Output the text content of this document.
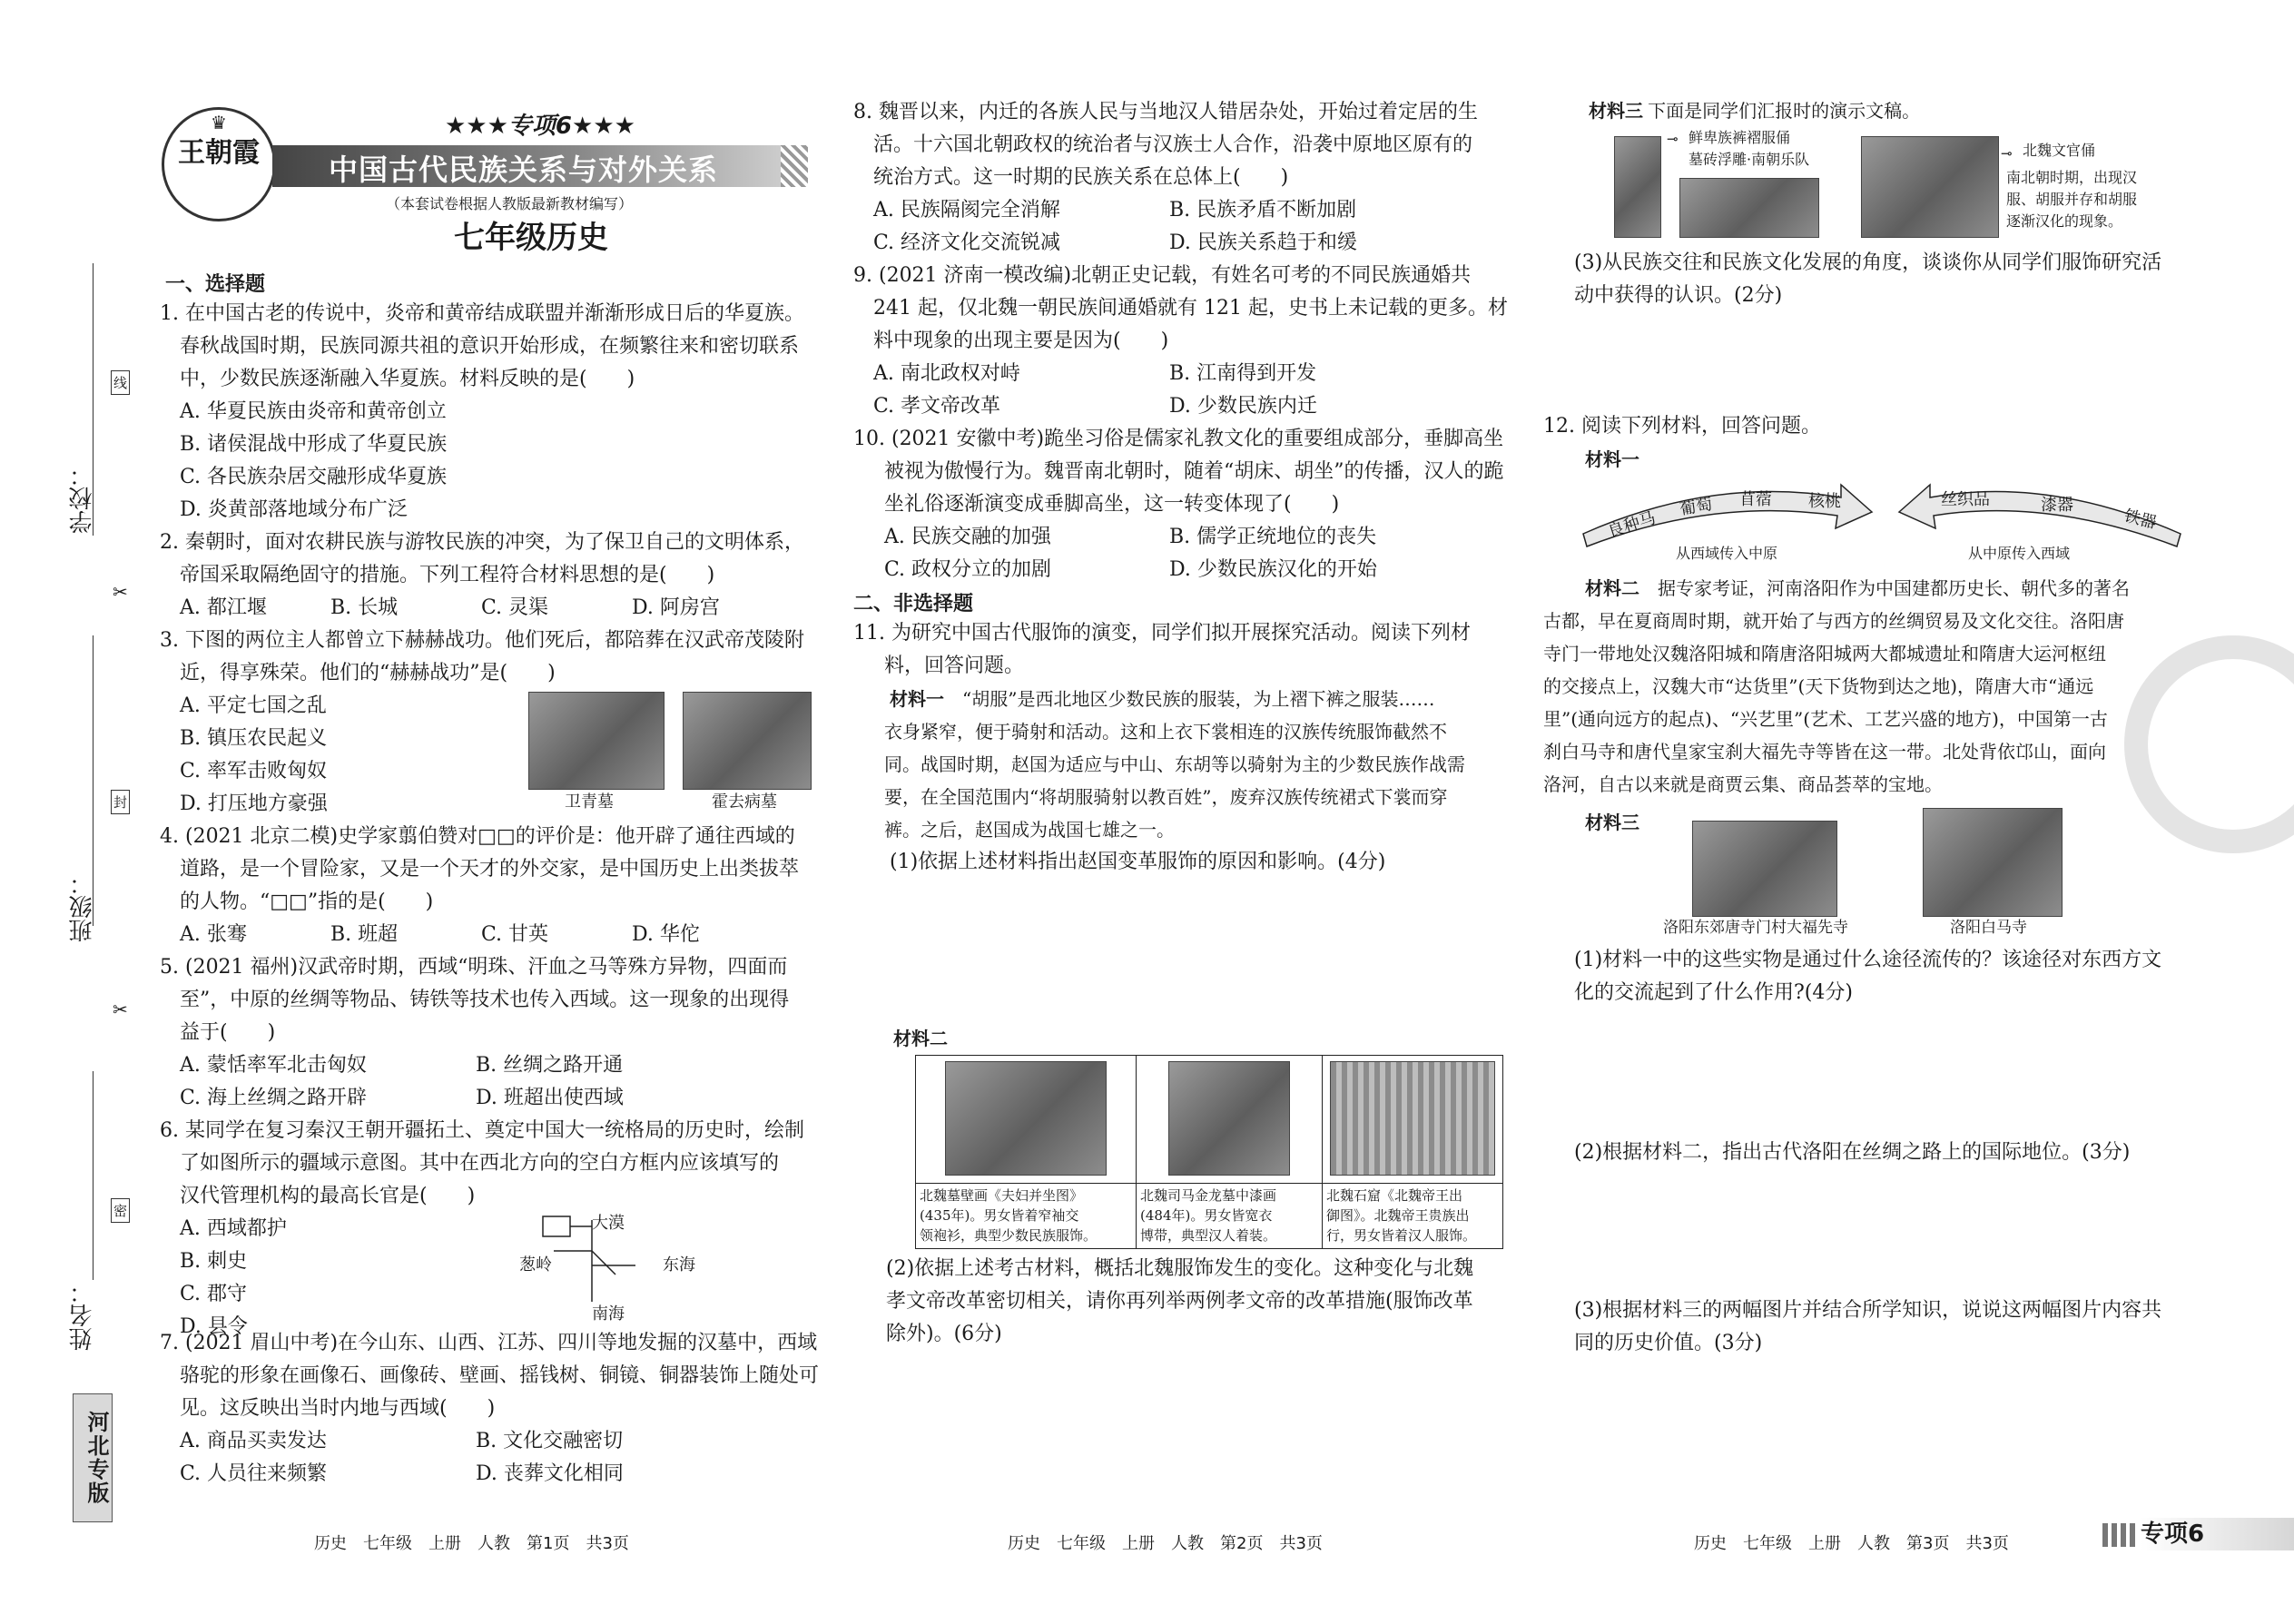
学校：
班级：
姓名：
线
封
密
✂
✂
河北专版
♛
王朝霞
★★★专项6★★★
中国古代民族关系与对外关系
（本套试卷根据人教版最新教材编写）
七年级历史
一、选择题
1. 在中国古老的传说中，炎帝和黄帝结成联盟并渐渐形成日后的华夏族。
春秋战国时期，民族同源共祖的意识开始形成，在频繁往来和密切联系
中，少数民族逐渐融入华夏族。材料反映的是(　　)
A. 华夏民族由炎帝和黄帝创立
B. 诸侯混战中形成了华夏民族
C. 各民族杂居交融形成华夏族
D. 炎黄部落地域分布广泛
2. 秦朝时，面对农耕民族与游牧民族的冲突，为了保卫自己的文明体系，
帝国采取隔绝固守的措施。下列工程符合材料思想的是(　　)
A. 都江堰	B. 长城	C. 灵渠	D. 阿房宫
3. 下图的两位主人都曾立下赫赫战功。他们死后，都陪葬在汉武帝茂陵附
近，得享殊荣。他们的“赫赫战功”是(　　)
A. 平定七国之乱
B. 镇压农民起义
C. 率军击败匈奴
D. 打压地方豪强	卫青墓	霍去病墓
4. (2021 北京二模)史学家翦伯赞对□□的评价是：他开辟了通往西域的
道路，是一个冒险家，又是一个天才的外交家，是中国历史上出类拔萃
的人物。“□□”指的是(　　)
A. 张骞	B. 班超	C. 甘英	D. 华佗
5. (2021 福州)汉武帝时期，西域“明珠、汗血之马等殊方异物，四面而
至”，中原的丝绸等物品、铸铁等技术也传入西域。这一现象的出现得
益于(　　)
A. 蒙恬率军北击匈奴	B. 丝绸之路开通
C. 海上丝绸之路开辟	D. 班超出使西域
6. 某同学在复习秦汉王朝开疆拓土、奠定中国大一统格局的历史时，绘制
了如图所示的疆域示意图。其中在西北方向的空白方框内应该填写的
汉代管理机构的最高长官是(　　)
A. 西域都护
B. 刺史
C. 郡守
D. 县令
大漠
葱岭	东海
南海
7. (2021 眉山中考)在今山东、山西、江苏、四川等地发掘的汉墓中，西域
骆驼的形象在画像石、画像砖、壁画、摇钱树、铜镜、铜器装饰上随处可
见。这反映出当时内地与西域(　　)
A. 商品买卖发达	B. 文化交融密切
C. 人员往来频繁	D. 丧葬文化相同
历史　七年级　上册　人教　第1页　共3页
8. 魏晋以来，内迁的各族人民与当地汉人错居杂处，开始过着定居的生
活。十六国北朝政权的统治者与汉族士人合作，沿袭中原地区原有的
统治方式。这一时期的民族关系在总体上(　　)
A. 民族隔阂完全消解	B. 民族矛盾不断加剧
C. 经济文化交流锐减	D. 民族关系趋于和缓
9. (2021 济南一模改编)北朝正史记载，有姓名可考的不同民族通婚共
241 起，仅北魏一朝民族间通婚就有 121 起，史书上未记载的更多。材
料中现象的出现主要是因为(　　)
A. 南北政权对峙	B. 江南得到开发
C. 孝文帝改革	D. 少数民族内迁
10. (2021 安徽中考)跪坐习俗是儒家礼教文化的重要组成部分，垂脚高坐
被视为傲慢行为。魏晋南北朝时，随着“胡床、胡坐”的传播，汉人的跪
坐礼俗逐渐演变成垂脚高坐，这一转变体现了(　　)
A. 民族交融的加强	B. 儒学正统地位的丧失
C. 政权分立的加剧	D. 少数民族汉化的开始
二、非选择题
11. 为研究中国古代服饰的演变，同学们拟开展探究活动。阅读下列材
料，回答问题。
材料一　 “胡服”是西北地区少数民族的服装，为上褶下裤之服装……
衣身紧窄，便于骑射和活动。这和上衣下裳相连的汉族传统服饰截然不
同。战国时期，赵国为适应与中山、东胡等以骑射为主的少数民族作战需
要，在全国范围内“将胡服骑射以教百姓”，废弃汉族传统裙式下裳而穿
裤。之后，赵国成为战国七雄之一。
(1)依据上述材料指出赵国变革服饰的原因和影响。(4分)
材料二
北魏墓壁画《夫妇并坐图》
(435年)。男女皆着窄袖交
领袍衫，典型少数民族服饰。
北魏司马金龙墓中漆画
(484年)。男女皆宽衣
博带，典型汉人着装。
北魏石窟《北魏帝王出
御图》。北魏帝王贵族出
行，男女皆着汉人服饰。
(2)依据上述考古材料，概括北魏服饰发生的变化。这种变化与北魏
孝文帝改革密切相关，请你再列举两例孝文帝的改革措施(服饰改革
除外)。(6分)
历史　七年级　上册　人教　第2页　共3页
材料三 下面是同学们汇报时的演示文稿。
⊸ 鲜卑族裤褶服俑
墓砖浮雕·南朝乐队	⊸ 北魏文官俑
南北朝时期，出现汉
服、胡服并存和胡服
逐渐汉化的现象。
(3)从民族交往和民族文化发展的角度，谈谈你从同学们服饰研究活
动中获得的认识。(2分)
12. 阅读下列材料，回答问题。
材料一
良种马
葡萄 苜蓿 核桃
从西域传入中原
丝织品	漆器
铁器
从中原传入西域
材料二　 据专家考证，河南洛阳作为中国建都历史长、朝代多的著名
古都，早在夏商周时期，就开始了与西方的丝绸贸易及文化交往。洛阳唐
寺门一带地处汉魏洛阳城和隋唐洛阳城两大都城遗址和隋唐大运河枢纽
的交接点上，汉魏大市“达货里”(天下货物到达之地)，隋唐大市“通远
里”(通向远方的起点)、“兴艺里”(艺术、工艺兴盛的地方)，中国第一古
刹白马寺和唐代皇家宝刹大福先寺等皆在这一带。北处背依邙山，面向
洛河，自古以来就是商贾云集、商品荟萃的宝地。
材料三
洛阳东郊唐寺门村大福先寺	洛阳白马寺
(1)材料一中的这些实物是通过什么途径流传的？该途径对东西方文
化的交流起到了什么作用?(4分)
(2)根据材料二，指出古代洛阳在丝绸之路上的国际地位。(3分)
(3)根据材料三的两幅图片并结合所学知识，说说这两幅图片内容共
同的历史价值。(3分)
历史　七年级　上册　人教　第3页　共3页	专项6
